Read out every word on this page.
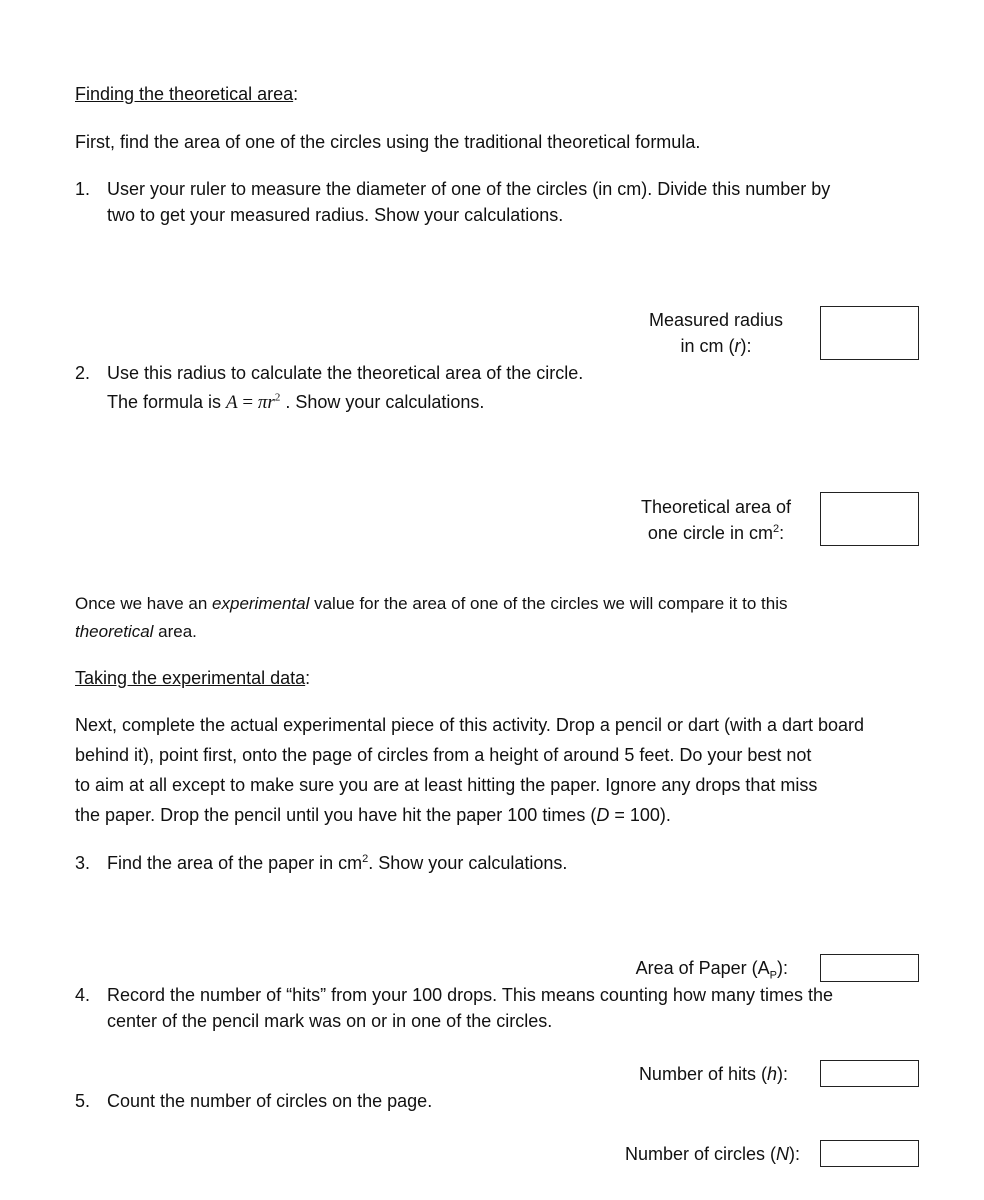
Finding the theoretical area:
First, find the area of one of the circles using the traditional theoretical formula.
1. User your ruler to measure the diameter of one of the circles (in cm). Divide this number by
two to get your measured radius. Show your calculations.
Measured radius
in cm (r):
2. Use this radius to calculate the theoretical area of the circle.
The formula is $A = \pi r^2$ . Show your calculations.
Theoretical area of
one circle in $cm^2$:
Once we have an experimental value for the area of one of the circles we will compare it to this
theoretical area.
Taking the experimental data:
Next, complete the actual experimental piece of this activity. Drop a pencil or dart (with a dart board
behind it), point first, onto the page of circles from a height of around 5 feet. Do your best not
to aim at all except to make sure you are at least hitting the paper. Ignore any drops that miss
the paper. Drop the pencil until you have hit the paper 100 times (D = 100).
3. Find the area of the paper in $cm^2$. Show your calculations.
Area of Paper $(A_P)$:
4. Record the number of “hits” from your 100 drops. This means counting how many times the
center of the pencil mark was on or in one of the circles.
Number of hits (h):
5. Count the number of circles on the page.
Number of circles (N):
